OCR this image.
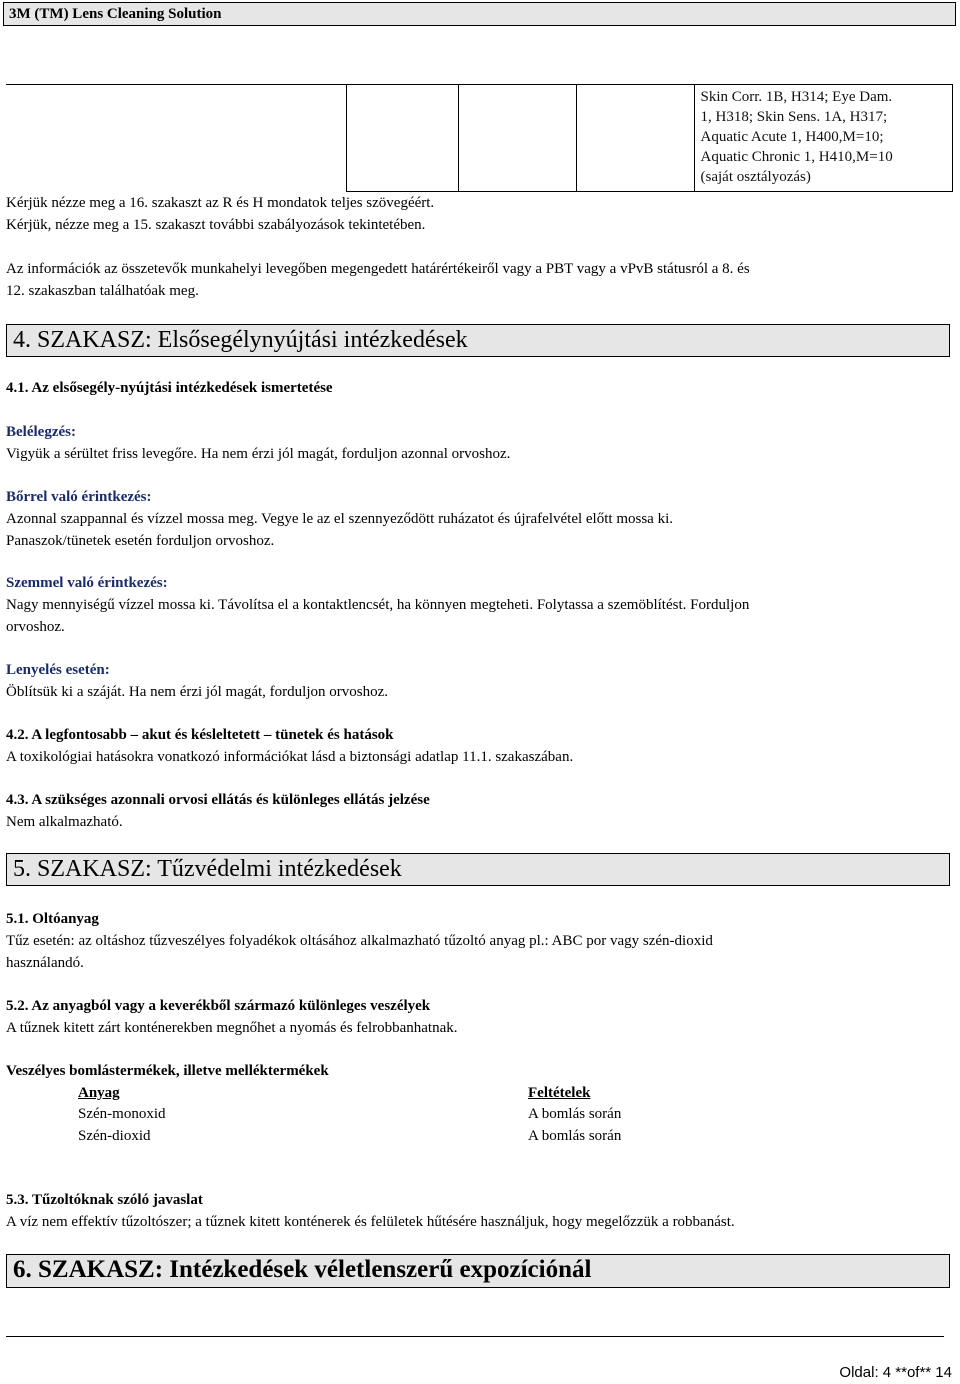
3M (TM) Lens Cleaning Solution

Skin Corr. 1B, H314; Eye Dam.
1, H318; Skin Sens. 1A, H317;
Aquatic Acute 1, H400,M=10;
Aquatic Chronic 1, H410,M=10
(saját osztályozás)
Kérjük nézze meg a 16. szakaszt az R és H mondatok teljes szövegéért.
Kérjük, nézze meg a 15. szakaszt további szabályozások tekintetében.
Az információk az összetevők munkahelyi levegőben megengedett határértékeiről vagy a PBT vagy a vPvB státusról a 8. és
12. szakaszban találhatóak meg.
4. SZAKASZ: Elsősegélynyújtási intézkedések
4.1. Az elsősegély-nyújtási intézkedések ismertetése
Belélegzés:
Vigyük a sérültet friss levegőre. Ha nem érzi jól magát, forduljon azonnal orvoshoz.
Bőrrel való érintkezés:
Azonnal szappannal és vízzel mossa meg. Vegye le az el szennyeződött ruházatot és újrafelvétel előtt mossa ki.
Panaszok/tünetek esetén forduljon orvoshoz.
Szemmel való érintkezés:
Nagy mennyiségű vízzel mossa ki. Távolítsa el a kontaktlencsét, ha könnyen megteheti. Folytassa a szemöblítést. Forduljon
orvoshoz.
Lenyelés esetén:
Öblítsük ki a száját. Ha nem érzi jól magát, forduljon orvoshoz.
4.2. A legfontosabb – akut és késleltetett – tünetek és hatások
A toxikológiai hatásokra vonatkozó információkat lásd a biztonsági adatlap 11.1. szakaszában.
4.3. A szükséges azonnali orvosi ellátás és különleges ellátás jelzése
Nem alkalmazható.
5. SZAKASZ: Tűzvédelmi intézkedések
5.1. Oltóanyag
Tűz esetén: az oltáshoz tűzveszélyes folyadékok oltásához alkalmazható tűzoltó anyag pl.: ABC por vagy szén-dioxid
használandó.
5.2. Az anyagból vagy a keverékből származó különleges veszélyek
A tűznek kitett zárt konténerekben megnőhet a nyomás és felrobbanhatnak.
Veszélyes bomlástermékek, illetve melléktermékek
Anyag	Feltételek
Szén-monoxid	A bomlás során
Szén-dioxid	A bomlás során
5.3. Tűzoltóknak szóló javaslat
A víz nem effektív tűzoltószer; a tűznek kitett konténerek és felületek hűtésére használjuk, hogy megelőzzük a robbanást.
6. SZAKASZ: Intézkedések véletlenszerű expozíciónál
Oldal: 4 **of** 14
